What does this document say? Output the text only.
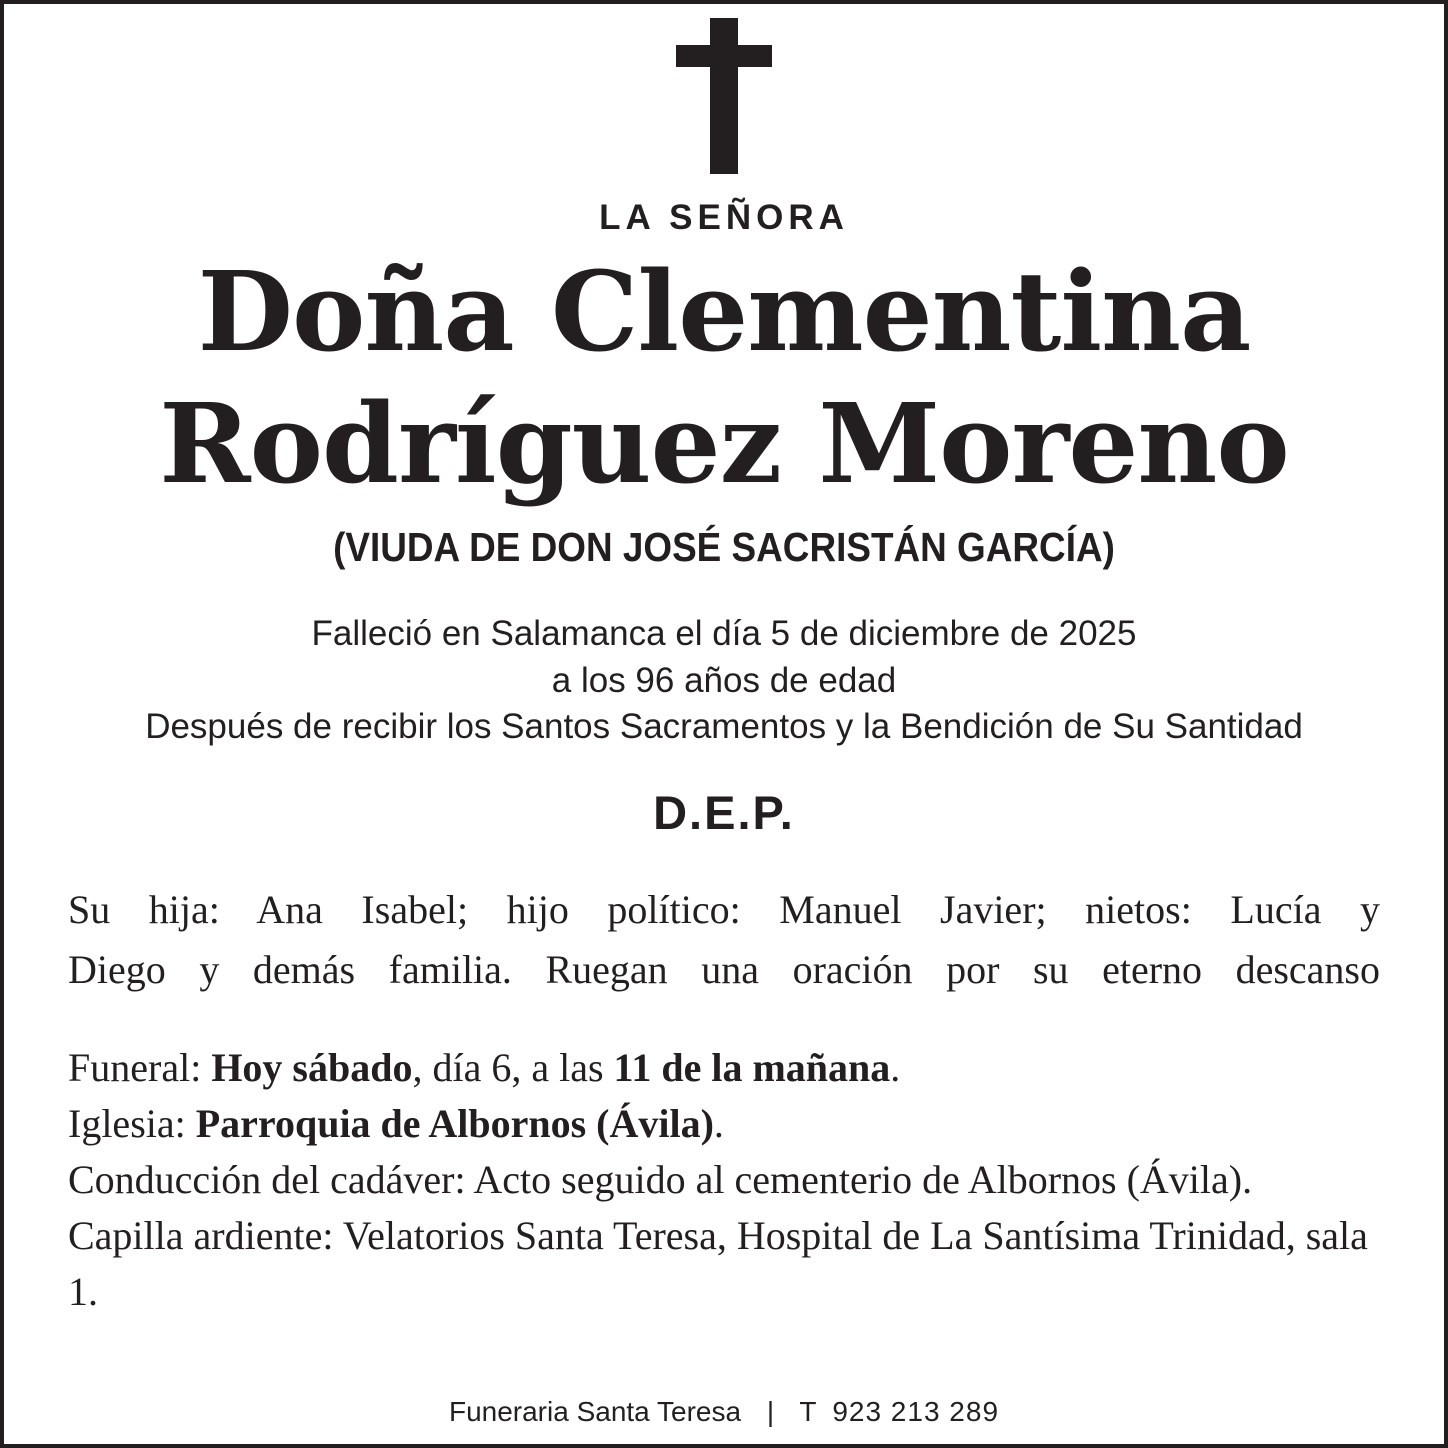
LA SEÑORA
Doña Clementina
Rodríguez Moreno
(VIUDA DE DON JOSÉ SACRISTÁN GARCÍA)
Falleció en Salamanca el día 5 de diciembre de 2025
a los 96 años de edad
Después de recibir los Santos Sacramentos y la Bendición de Su Santidad
D.E.P.
Su hija: Ana Isabel; hijo político: Manuel Javier; nietos: Lucía y
Diego y demás familia. Ruegan una oración por su eterno descanso
Funeral: Hoy sábado, día 6, a las 11 de la mañana.
Iglesia: Parroquia de Albornos (Ávila).
Conducción del cadáver: Acto seguido al cementerio de Albornos (Ávila).
Capilla ardiente: Velatorios Santa Teresa, Hospital de La Santísima Trinidad, sala 1.
Funeraria Santa Teresa | T 923 213 289
